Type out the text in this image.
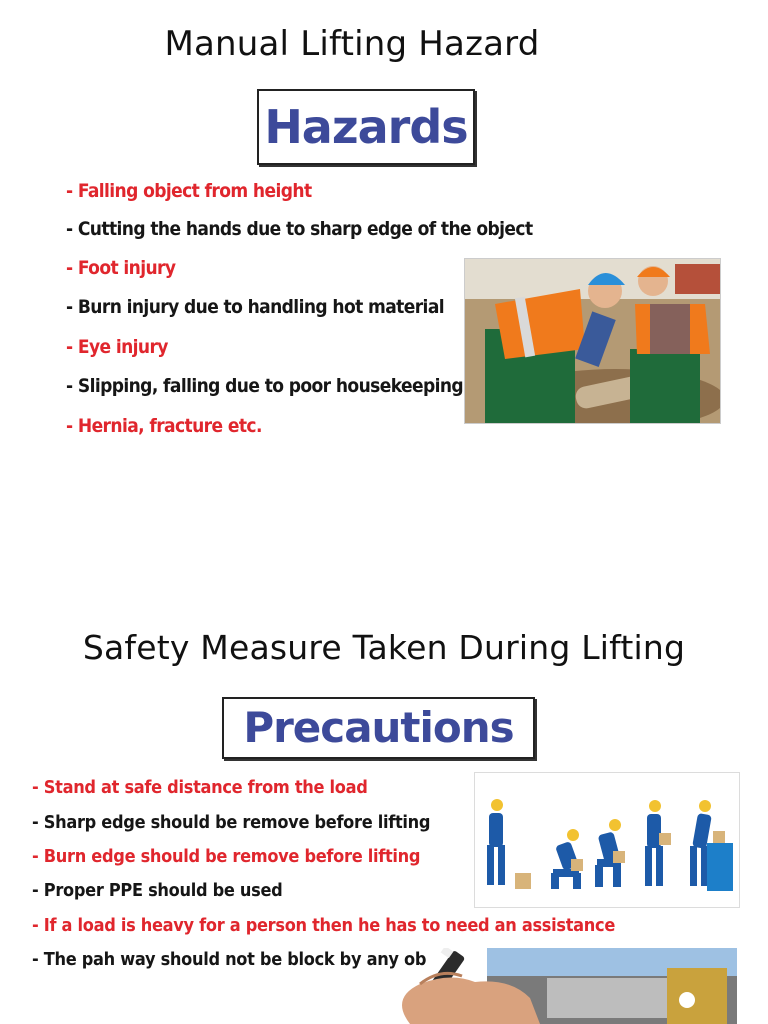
Manual Lifting Hazard
Hazards
- Falling object from height
- Cutting the hands due to sharp edge of the object
- Foot injury
- Burn injury due to handling hot material
- Eye injury
- Slipping, falling due to poor housekeeping
- Hernia, fracture etc.
Safety Measure Taken During Lifting
Precautions
- Stand at safe distance from the load
- Sharp edge should be remove before lifting
- Burn edge should be remove before lifting
- Proper PPE should be used
- If a load is heavy for a person then he has to need an assistance
- The pah way should not be block by any ob
